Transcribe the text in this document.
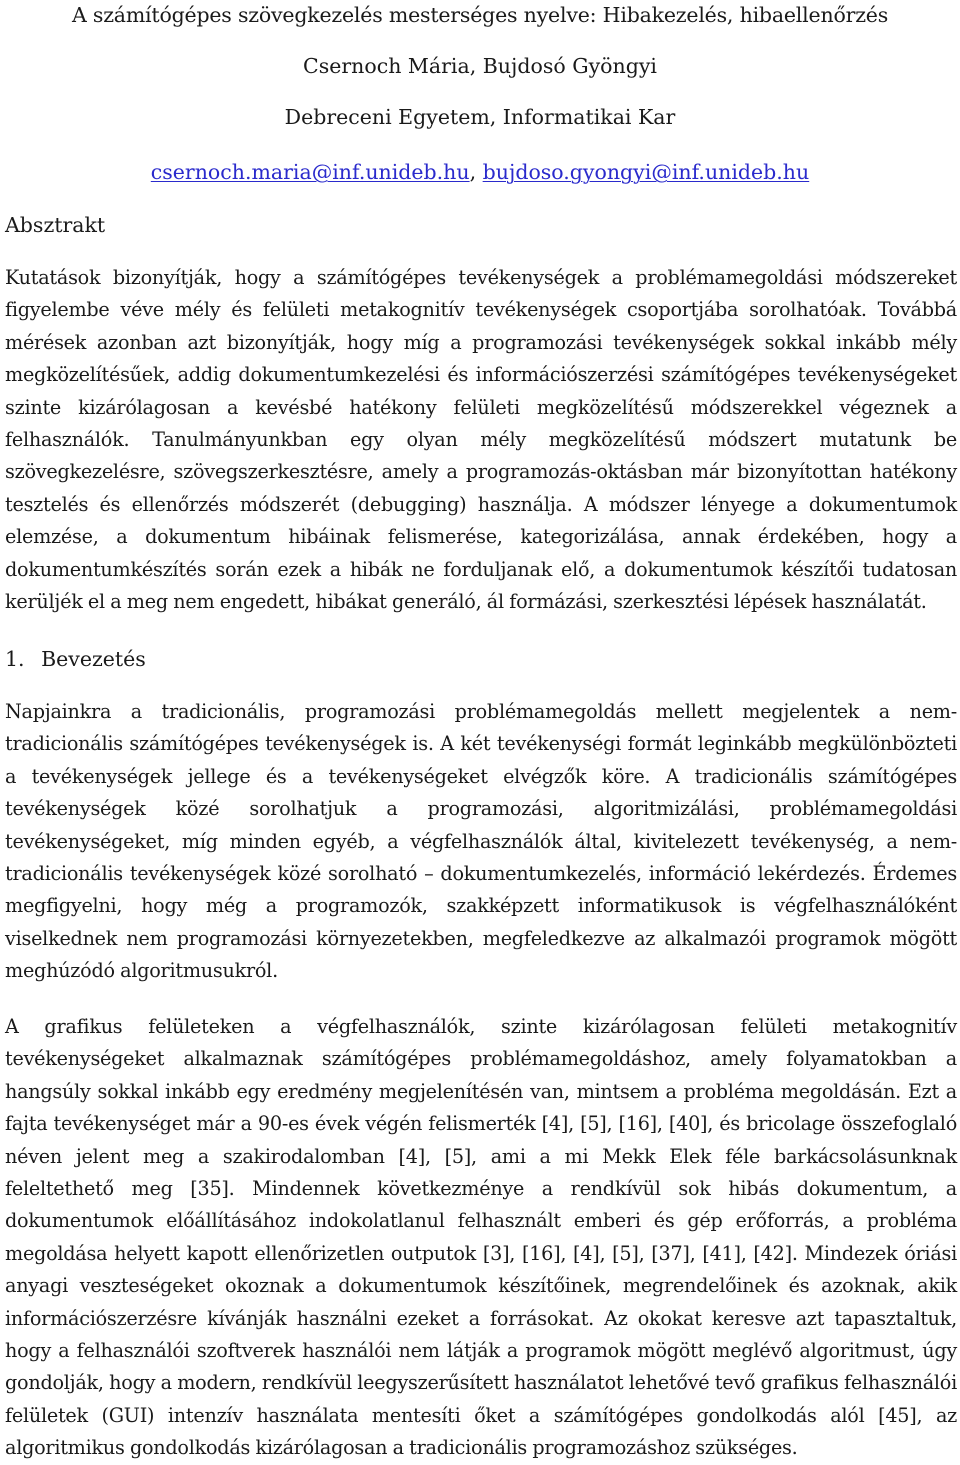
A számítógépes szövegkezelés mesterséges nyelve: Hibakezelés, hibaellenőrzés
Csernoch Mária, Bujdosó Gyöngyi
Debreceni Egyetem, Informatikai Kar
csernoch.maria@inf.unideb.hu, bujdoso.gyongyi@inf.unideb.hu
Absztrakt

Kutatások bizonyítják, hogy a számítógépes tevékenységek a problémamegoldási módszereket figyelembe véve mély és felületi metakognitív tevékenységek csoportjába sorolhatóak. Továbbá mérések azonban azt bizonyítják, hogy míg a programozási tevékenységek sokkal inkább mély megközelítésűek, addig dokumentumkezelési és információszerzési számítógépes tevékenységeket szinte kizárólagosan a kevésbé hatékony felületi megközelítésű módszerekkel végeznek a felhasználók. Tanulmányunkban egy olyan mély megközelítésű módszert mutatunk be szövegkezelésre, szövegszerkesztésre, amely a programozás-oktásban már bizonyítottan hatékony tesztelés és ellenőrzés módszerét (debugging) használja. A módszer lényege a dokumentumok elemzése, a dokumentum hibáinak felismerése, kategorizálása, annak érdekében, hogy a dokumentumkészítés során ezek a hibák ne forduljanak elő, a dokumentumok készítői tudatosan kerüljék el a meg nem engedett, hibákat generáló, ál formázási, szerkesztési lépések használatát.

1. Bevezetés

Napjainkra a tradicionális, programozási problémamegoldás mellett megjelentek a nem-tradicionális számítógépes tevékenységek is. A két tevékenységi formát leginkább megkülönbözteti a tevékenységek jellege és a tevékenységeket elvégzők köre. A tradicionális számítógépes tevékenységek közé sorolhatjuk a programozási, algoritmizálási, problémamegoldási tevékenységeket, míg minden egyéb, a végfelhasználók által, kivitelezett tevékenység, a nem-tradicionális tevékenységek közé sorolható – dokumentumkezelés, információ lekérdezés. Érdemes megfigyelni, hogy még a programozók, szakképzett informatikusok is végfelhasználóként viselkednek nem programozási környezetekben, megfeledkezve az alkalmazói programok mögött meghúzódó algoritmusukról.

A grafikus felületeken a végfelhasználók, szinte kizárólagosan felületi metakognitív tevékenységeket alkalmaznak számítógépes problémamegoldáshoz, amely folyamatokban a hangsúly sokkal inkább egy eredmény megjelenítésén van, mintsem a probléma megoldásán. Ezt a fajta tevékenységet már a 90-es évek végén felismerték [4], [5], [16], [40], és bricolage összefoglaló néven jelent meg a szakirodalomban [4], [5], ami a mi Mekk Elek féle barkácsolásunknak feleltethető meg [35]. Mindennek következménye a rendkívül sok hibás dokumentum, a dokumentumok előállításához indokolatlanul felhasznált emberi és gép erőforrás, a probléma megoldása helyett kapott ellenőrizetlen outputok [3], [16], [4], [5], [37], [41], [42]. Mindezek óriási anyagi veszteségeket okoznak a dokumentumok készítőinek, megrendelőinek és azoknak, akik információszerzésre kívánják használni ezeket a forrásokat. Az okokat keresve azt tapasztaltuk, hogy a felhasználói szoftverek használói nem látják a programok mögött meglévő algoritmust, úgy gondolják, hogy a modern, rendkívül leegyszerűsített használatot lehetővé tevő grafikus felhasználói felületek (GUI) intenzív használata mentesíti őket a számítógépes gondolkodás alól [45], az algoritmikus gondolkodás kizárólagosan a tradicionális programozáshoz szükséges.
